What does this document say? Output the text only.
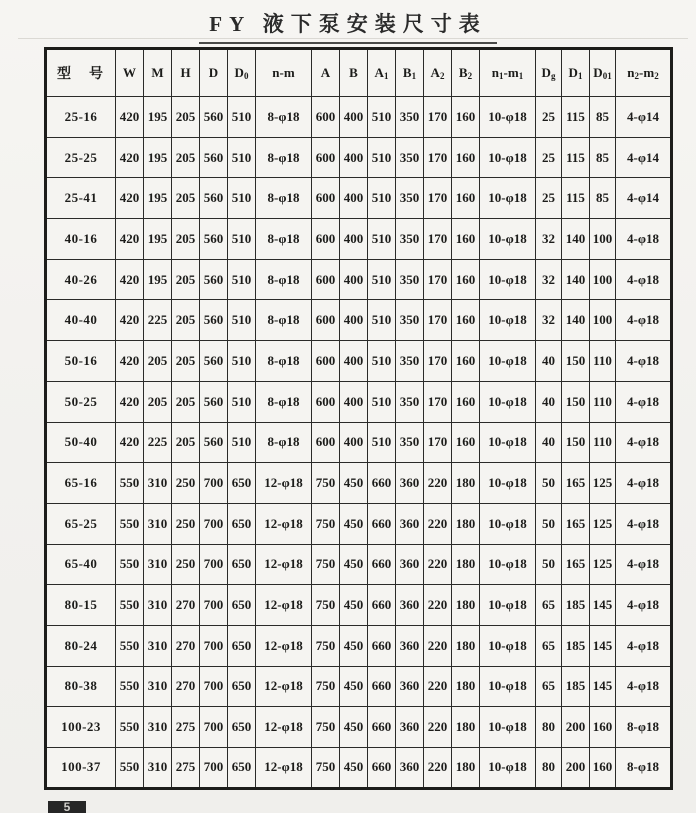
FY 液下泵安装尺寸表
型　号	W	M	H	D	$D_0$	n-m	A	B	$A_1$	$B_1$	$A_2$	$B_2$	$n_1-m_1$	$D_g$	$D_1$	$D_{01}$	$n_2-m_2$
25-16	420	195	205	560	510	8-φ18	600	400	510	350	170	160	10-φ18	25	115	85	4-φ14
25-25	420	195	205	560	510	8-φ18	600	400	510	350	170	160	10-φ18	25	115	85	4-φ14
25-41	420	195	205	560	510	8-φ18	600	400	510	350	170	160	10-φ18	25	115	85	4-φ14
40-16	420	195	205	560	510	8-φ18	600	400	510	350	170	160	10-φ18	32	140	100	4-φ18
40-26	420	195	205	560	510	8-φ18	600	400	510	350	170	160	10-φ18	32	140	100	4-φ18
40-40	420	225	205	560	510	8-φ18	600	400	510	350	170	160	10-φ18	32	140	100	4-φ18
50-16	420	205	205	560	510	8-φ18	600	400	510	350	170	160	10-φ18	40	150	110	4-φ18
50-25	420	205	205	560	510	8-φ18	600	400	510	350	170	160	10-φ18	40	150	110	4-φ18
50-40	420	225	205	560	510	8-φ18	600	400	510	350	170	160	10-φ18	40	150	110	4-φ18
65-16	550	310	250	700	650	12-φ18	750	450	660	360	220	180	10-φ18	50	165	125	4-φ18
65-25	550	310	250	700	650	12-φ18	750	450	660	360	220	180	10-φ18	50	165	125	4-φ18
65-40	550	310	250	700	650	12-φ18	750	450	660	360	220	180	10-φ18	50	165	125	4-φ18
80-15	550	310	270	700	650	12-φ18	750	450	660	360	220	180	10-φ18	65	185	145	4-φ18
80-24	550	310	270	700	650	12-φ18	750	450	660	360	220	180	10-φ18	65	185	145	4-φ18
80-38	550	310	270	700	650	12-φ18	750	450	660	360	220	180	10-φ18	65	185	145	4-φ18
100-23	550	310	275	700	650	12-φ18	750	450	660	360	220	180	10-φ18	80	200	160	8-φ18
100-37	550	310	275	700	650	12-φ18	750	450	660	360	220	180	10-φ18	80	200	160	8-φ18
5
